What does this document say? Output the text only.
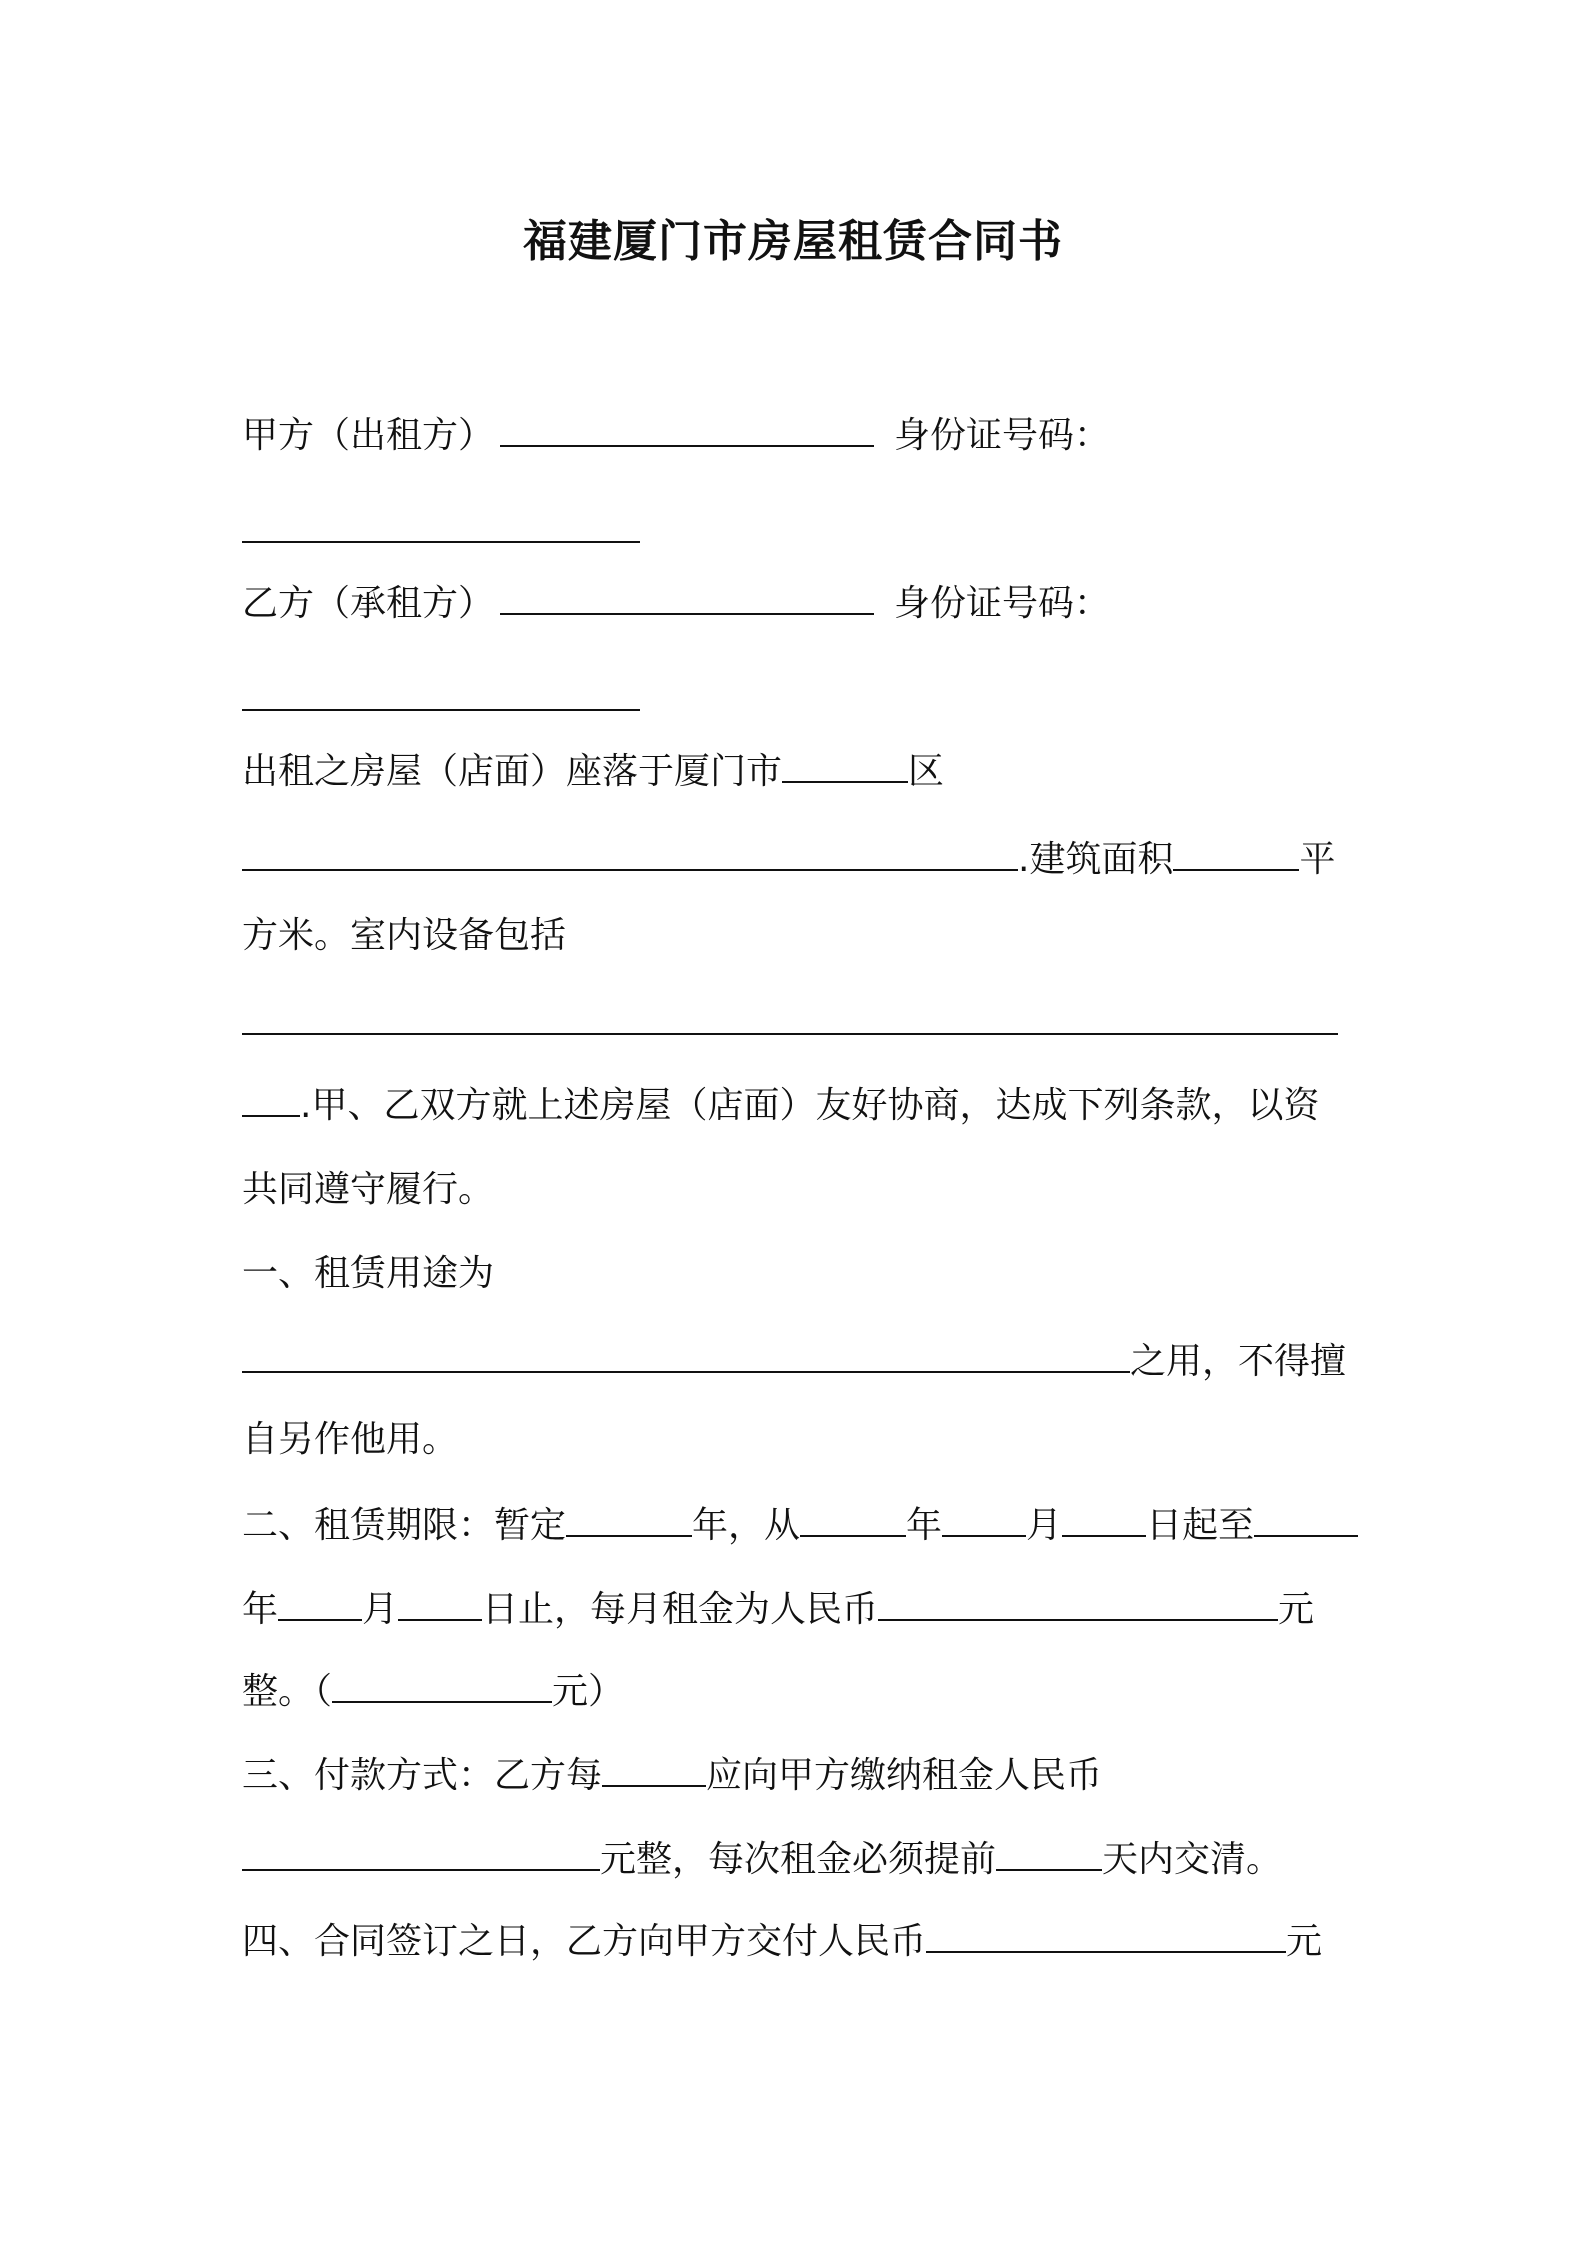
福建厦门市房屋租赁合同书
甲方（出租方）	身份证号码：
乙方（承租方）	身份证号码：
出租之房屋（店面）座落于厦门市	区
.建筑面积	平
方米。室内设备包括
.甲、乙双方就上述房屋（店面）友好协商，达成下列条款，以资
共同遵守履行。
一、租赁用途为
之用，不得擅
自另作他用。
二、租赁期限：暂定	年，从	年 月 日起至
年 月 日止，每月租金为人民币	元
整。（	元）
三、付款方式：乙方每	应向甲方缴纳租金人民币
元整，每次租金必须提前	天内交清。
四、合同签订之日，乙方向甲方交付人民币	元
